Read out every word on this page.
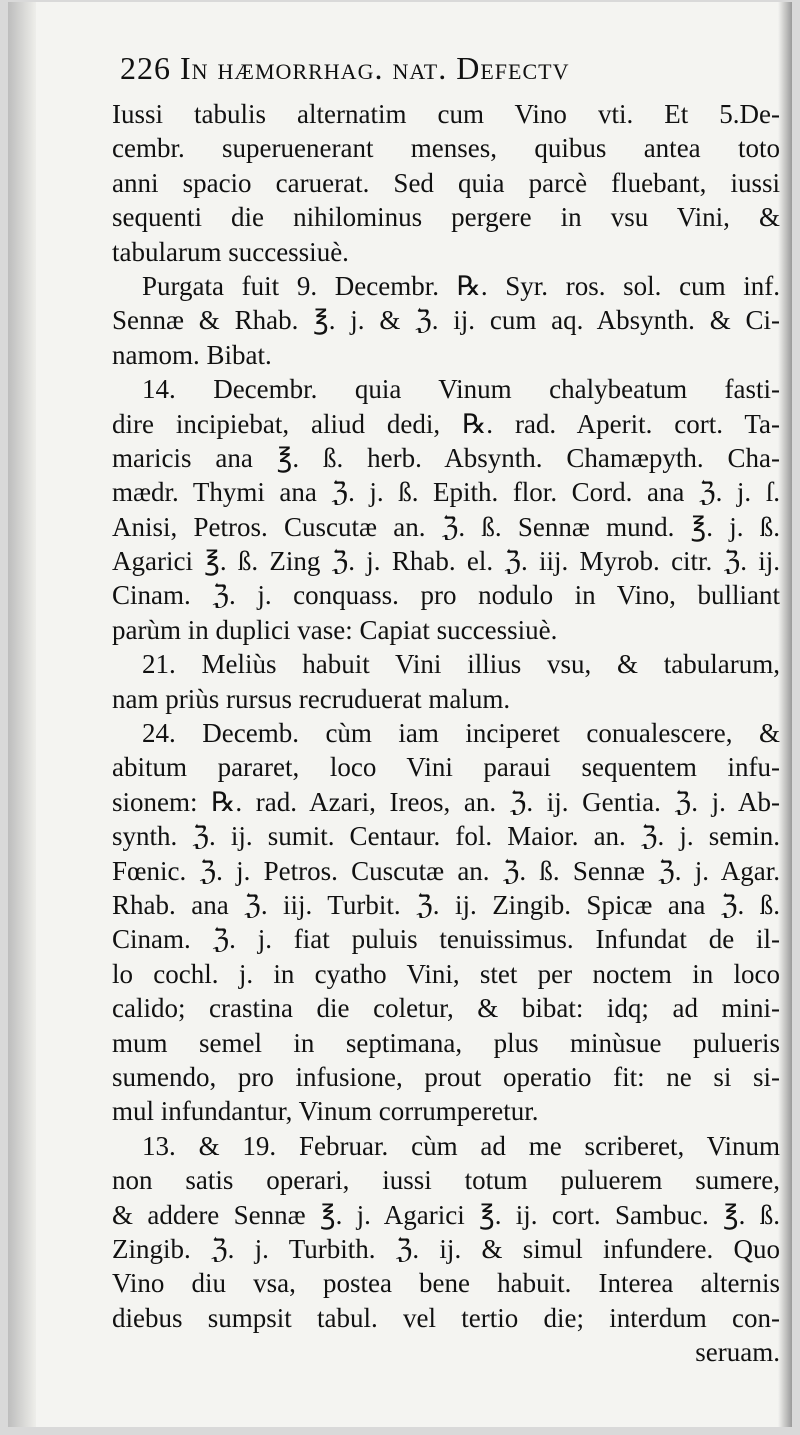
226 In hæmorrhag. nat. Defectv
Iussi tabulis alternatim cum Vino vti. Et 5.De-
cembr. superuenerant menses, quibus antea toto
anni spacio caruerat. Sed quia parcè fluebant, iussi
sequenti die nihilominus pergere in vsu Vini, &
tabularum successiuè.
Purgata fuit 9. Decembr. ℞. Syr. ros. sol. cum inf.
Sennæ & Rhab. ℥. j. & ℨ. ij. cum aq. Absynth. & Ci-
namom. Bibat.
14. Decembr. quia Vinum chalybeatum fasti-
dire incipiebat, aliud dedi, ℞. rad. Aperit. cort. Ta-
maricis ana ℥. ß. herb. Absynth. Chamæpyth. Cha-
mædr. Thymi ana ℨ. j. ß. Epith. flor. Cord. ana ℨ. j. ſ.
Anisi, Petros. Cuscutæ an. ℨ. ß. Sennæ mund. ℥. j. ß.
Agarici ℥. ß. Zing ℨ. j. Rhab. el. ℨ. iij. Myrob. citr. ℨ. ij.
Cinam. ℨ. j. conquass. pro nodulo in Vino, bulliant
parùm in duplici vase: Capiat successiuè.
21. Meliùs habuit Vini illius vsu, & tabularum,
nam priùs rursus recruduerat malum.
24. Decemb. cùm iam inciperet conualescere, &
abitum pararet, loco Vini paraui sequentem infu-
sionem: ℞. rad. Azari, Ireos, an. ℨ. ij. Gentia. ℨ. j. Ab-
synth. ℨ. ij. sumit. Centaur. fol. Maior. an. ℨ. j. semin.
Fœnic. ℨ. j. Petros. Cuscutæ an. ℨ. ß. Sennæ ℨ. j. Agar.
Rhab. ana ℨ. iij. Turbit. ℨ. ij. Zingib. Spicæ ana ℨ. ß.
Cinam. ℨ. j. fiat puluis tenuissimus. Infundat de il-
lo cochl. j. in cyatho Vini, stet per noctem in loco
calido; crastina die coletur, & bibat: idq; ad mini-
mum semel in septimana, plus minùsue pulueris
sumendo, pro infusione, prout operatio fit: ne si si-
mul infundantur, Vinum corrumperetur.
13. & 19. Februar. cùm ad me scriberet, Vinum
non satis operari, iussi totum puluerem sumere,
& addere Sennæ ℥. j. Agarici ℥. ij. cort. Sambuc. ℥. ß.
Zingib. ℨ. j. Turbith. ℨ. ij. & simul infundere. Quo
Vino diu vsa, postea bene habuit. Interea alternis
diebus sumpsit tabul. vel tertio die; interdum con-
seruam.
